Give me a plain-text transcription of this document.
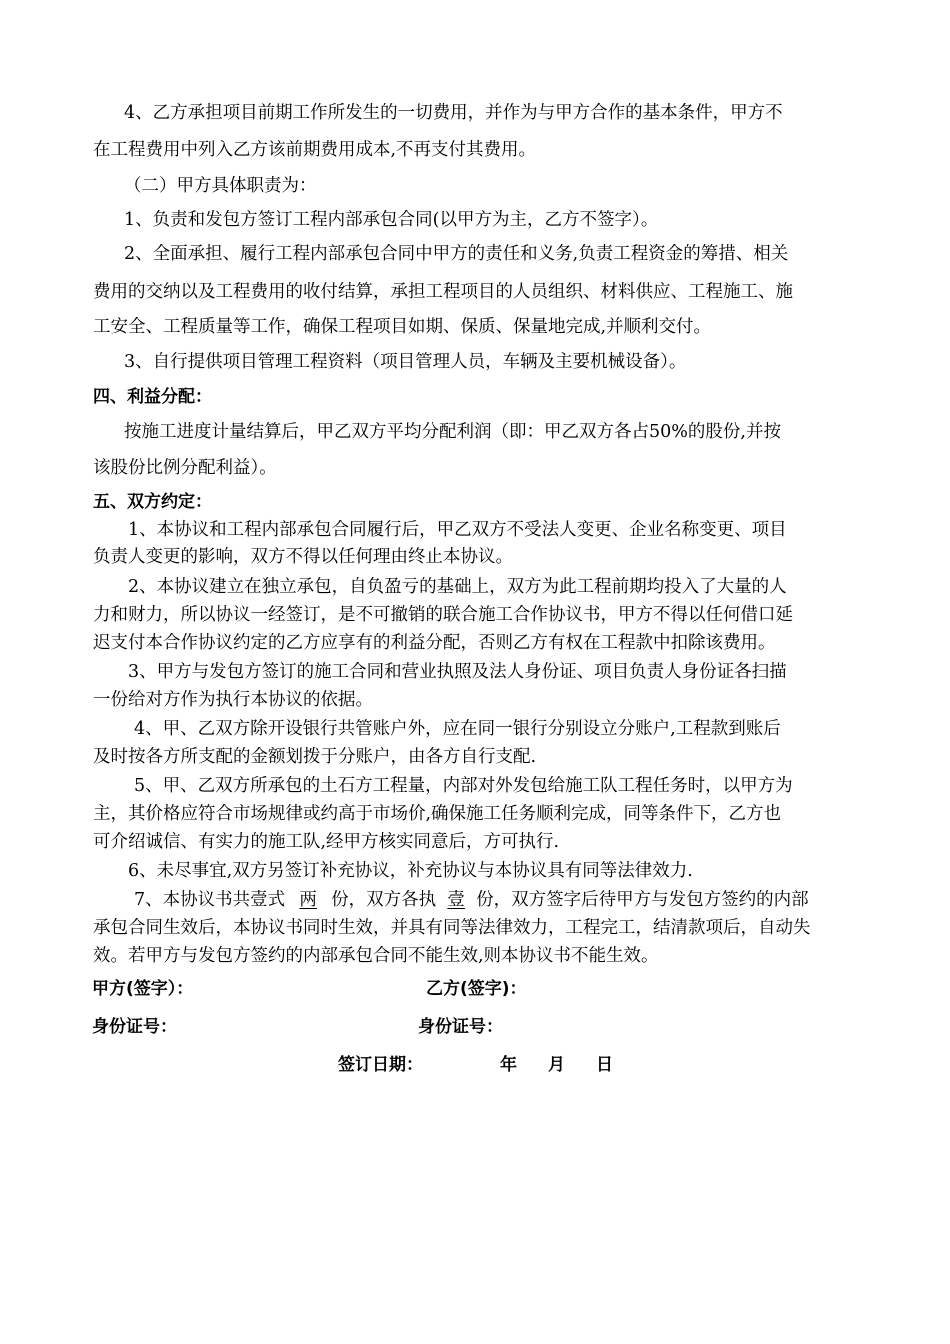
4、乙方承担项目前期工作所发生的一切费用，并作为与甲方合作的基本条件，甲方不
在工程费用中列入乙方该前期费用成本,不再支付其费用。
（二）甲方具体职责为：
1、负责和发包方签订工程内部承包合同(以甲方为主，乙方不签字）。
2、全面承担、履行工程内部承包合同中甲方的责任和义务,负责工程资金的筹措、相关
费用的交纳以及工程费用的收付结算，承担工程项目的人员组织、材料供应、工程施工、施
工安全、工程质量等工作，确保工程项目如期、保质、保量地完成,并顺利交付。
3、自行提供项目管理工程资料（项目管理人员，车辆及主要机械设备）。
四、利益分配：
按施工进度计量结算后，甲乙双方平均分配利润（即：甲乙双方各占50%的股份,并按
该股份比例分配利益）。
五、双方约定：
1、本协议和工程内部承包合同履行后，甲乙双方不受法人变更、企业名称变更、项目
负责人变更的影响，双方不得以任何理由终止本协议。
2、本协议建立在独立承包，自负盈亏的基础上，双方为此工程前期均投入了大量的人
力和财力，所以协议一经签订，是不可撤销的联合施工合作协议书，甲方不得以任何借口延
迟支付本合作协议约定的乙方应享有的利益分配，否则乙方有权在工程款中扣除该费用。
3、甲方与发包方签订的施工合同和营业执照及法人身份证、项目负责人身份证各扫描
一份给对方作为执行本协议的依据。
4、甲、乙双方除开设银行共管账户外，应在同一银行分别设立分账户,工程款到账后
及时按各方所支配的金额划拨于分账户，由各方自行支配.
5、甲、乙双方所承包的土石方工程量，内部对外发包给施工队工程任务时，以甲方为
主，其价格应符合市场规律或约高于市场价,确保施工任务顺利完成，同等条件下，乙方也
可介绍诚信、有实力的施工队,经甲方核实同意后，方可执行.
6、未尽事宜,双方另签订补充协议，补充协议与本协议具有同等法律效力.
7、本协议书共壹式 两 份，双方各执 壹 份，双方签字后待甲方与发包方签约的内部
承包合同生效后，本协议书同时生效，并具有同等法律效力，工程完工，结清款项后，自动失
效。若甲方与发包方签约的内部承包合同不能生效,则本协议书不能生效。
甲方(签字）：	乙方(签字)：
身份证号：	身份证号：
签订日期：	年 月 日
